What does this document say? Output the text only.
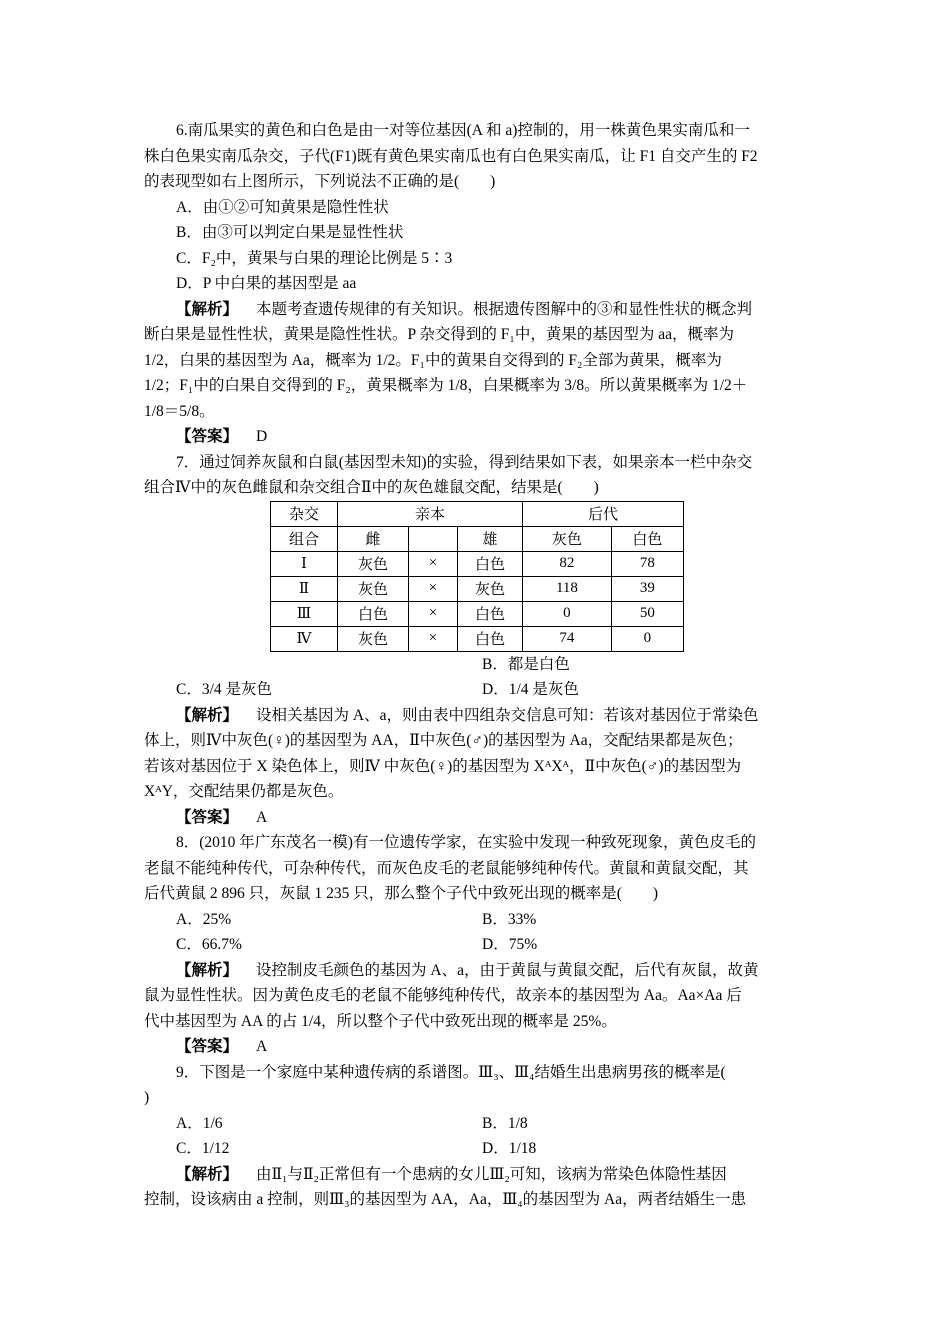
6.南瓜果实的黄色和白色是由一对等位基因(A 和 a)控制的，用一株黄色果实南瓜和一

株白色果实南瓜杂交，子代(F1)既有黄色果实南瓜也有白色果实南瓜，让 F1 自交产生的 F2

的表现型如右上图所示，下列说法不正确的是(　　)

A．由①②可知黄果是隐性性状

B．由③可以判定白果是显性性状

C．F₂中，黄果与白果的理论比例是 5∶3

D．P 中白果的基因型是 aa

【解析】 本题考查遗传规律的有关知识。根据遗传图解中的③和显性性状的概念判

断白果是显性性状，黄果是隐性性状。P 杂交得到的 F₁中，黄果的基因型为 aa，概率为

1/2，白果的基因型为 Aa，概率为 1/2。F₁中的黄果自交得到的 F₂全部为黄果，概率为

1/2；F₁中的白果自交得到的 F₂，黄果概率为 1/8，白果概率为 3/8。所以黄果概率为 1/2＋

1/8＝5/8。

【答案】 D

7．通过饲养灰鼠和白鼠(基因型未知)的实验，得到结果如下表，如果亲本一栏中杂交

组合Ⅳ中的灰色雌鼠和杂交组合Ⅱ中的灰色雄鼠交配，结果是(　　)

杂交	亲本			后代	
组合	雌		雄	灰色	白色
Ⅰ	灰色	×	白色	82	78
Ⅱ	灰色	×	灰色	118	39
Ⅲ	白色	×	白色	0	50
Ⅳ	灰色	×	白色	74	0

B．都是白色

C．3/4 是灰色	D．1/4 是灰色

【解析】 设相关基因为 A、a，则由表中四组杂交信息可知：若该对基因位于常染色

体上，则Ⅳ中灰色(♀)的基因型为 AA，Ⅱ中灰色(♂)的基因型为 Aa，交配结果都是灰色；

若该对基因位于 X 染色体上，则Ⅳ 中灰色(♀)的基因型为 XᴬXᴬ，Ⅱ中灰色(♂)的基因型为

XᴬY，交配结果仍都是灰色。

【答案】 A

8．(2010 年广东茂名一模)有一位遗传学家，在实验中发现一种致死现象，黄色皮毛的

老鼠不能纯种传代，可杂种传代，而灰色皮毛的老鼠能够纯种传代。黄鼠和黄鼠交配，其

后代黄鼠 2 896 只，灰鼠 1 235 只，那么整个子代中致死出现的概率是(　　)

A．25%	B．33%

C．66.7%	D．75%

【解析】 设控制皮毛颜色的基因为 A、a，由于黄鼠与黄鼠交配，后代有灰鼠，故黄

鼠为显性性状。因为黄色皮毛的老鼠不能够纯种传代，故亲本的基因型为 Aa。Aa×Aa 后

代中基因型为 AA 的占 1/4，所以整个子代中致死出现的概率是 25%。

【答案】 A

9．下图是一个家庭中某种遗传病的系谱图。Ⅲ₃、Ⅲ₄结婚生出患病男孩的概率是(

)

A．1/6	B．1/8

C．1/12	D．1/18

【解析】 由Ⅱ₁与Ⅱ₂正常但有一个患病的女儿Ⅲ₂可知，该病为常染色体隐性基因

控制，设该病由 a 控制，则Ⅲ₃的基因型为 AA，Aa，Ⅲ₄的基因型为 Aa，两者结婚生一患
